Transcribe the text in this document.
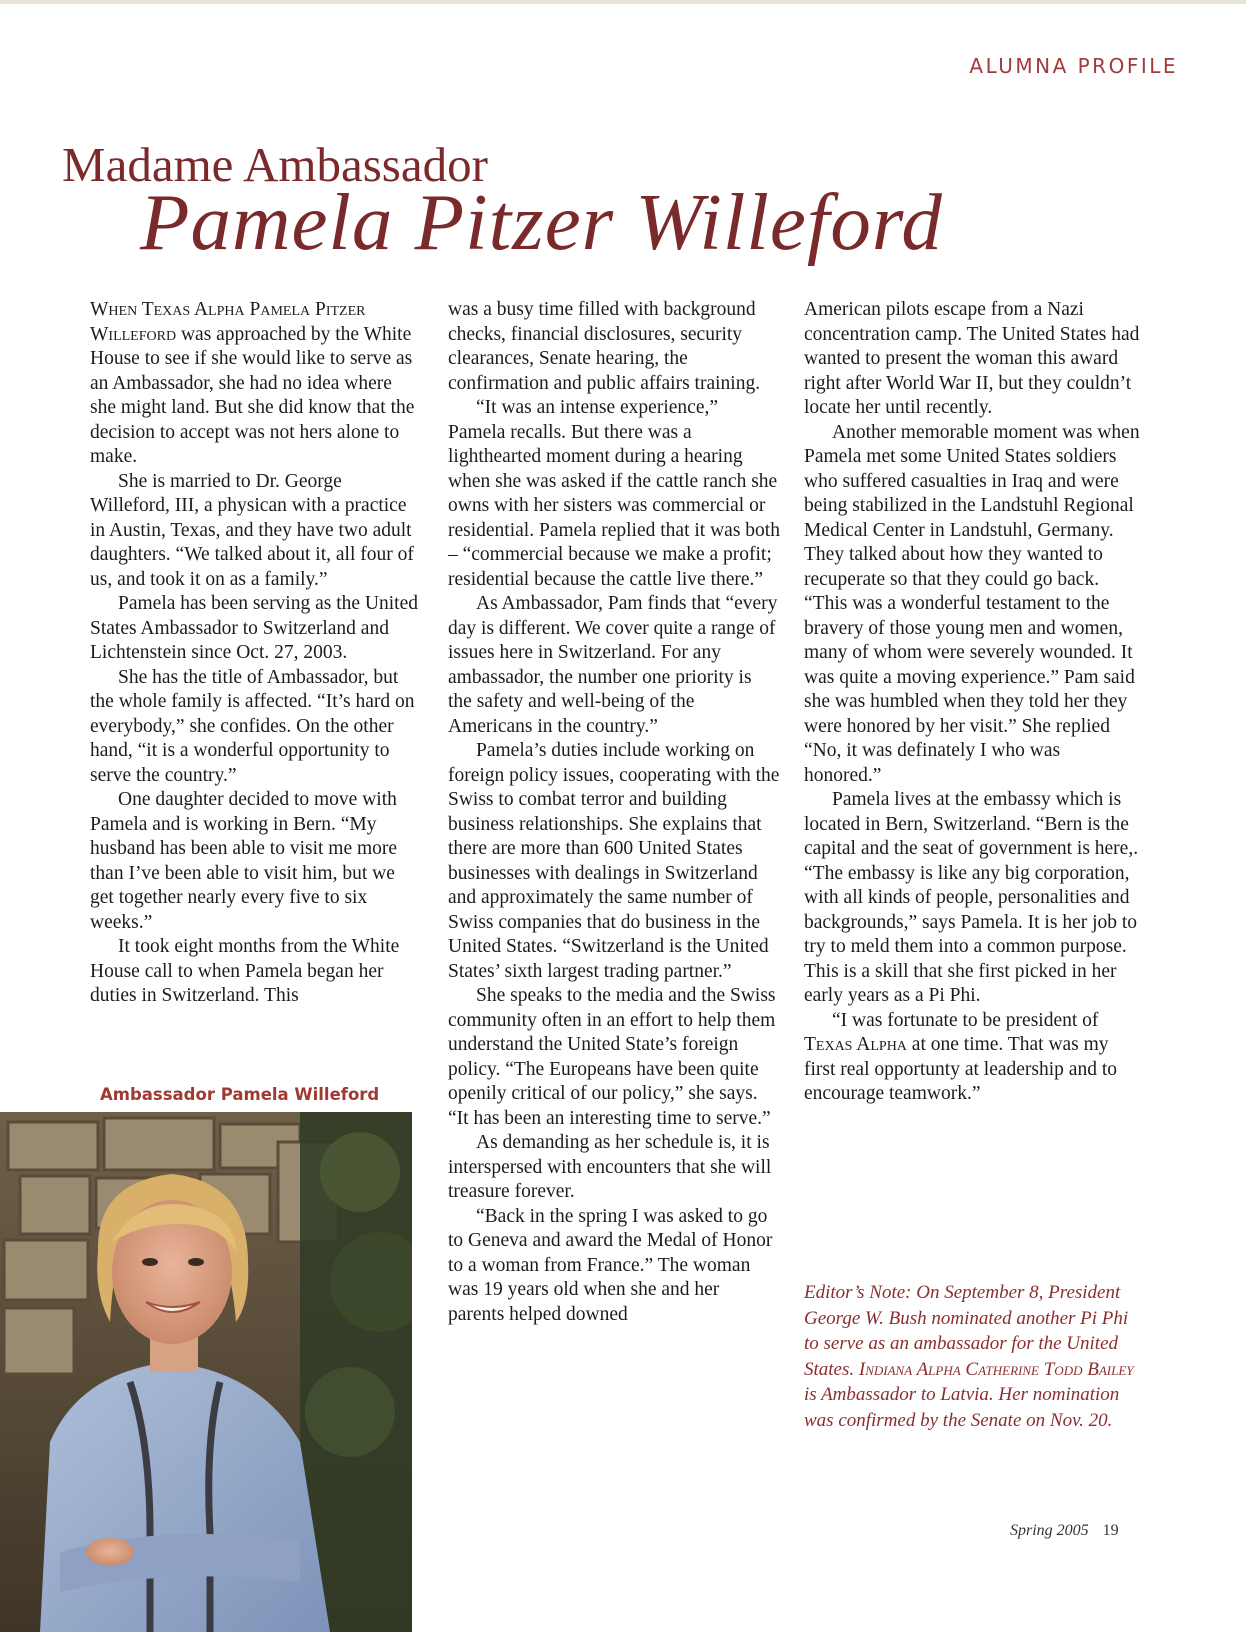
ALUMNA PROFILE
Madame Ambassador
Pamela Pitzer Willeford

When Texas Alpha Pamela Pitzer Willeford was approached by the White House to see if she would like to serve as an Ambassador, she had no idea where she might land. But she did know that the decision to accept was not hers alone to make.

She is married to Dr. George Willeford, III, a physican with a practice in Austin, Texas, and they have two adult daughters. “We talked about it, all four of us, and took it on as a family.”

Pamela has been serving as the United States Ambassador to Switzerland and Lichtenstein since Oct. 27, 2003.

She has the title of Ambassador, but the whole family is affected. “It’s hard on everybody,” she confides. On the other hand, “it is a wonderful opportunity to serve the country.”

One daughter decided to move with Pamela and is working in Bern. “My husband has been able to visit me more than I’ve been able to visit him, but we get together nearly every five to six weeks.”

It took eight months from the White House call to when Pamela began her duties in Switzerland. This

Ambassador Pamela Willeford

was a busy time filled with background checks, financial disclosures, security clearances, Senate hearing, the confirmation and public affairs training.

“It was an intense experience,” Pamela recalls. But there was a lighthearted moment during a hearing when she was asked if the cattle ranch she owns with her sisters was commercial or residential. Pamela replied that it was both – “commercial because we make a profit; residential because the cattle live there.”

As Ambassador, Pam finds that “every day is different. We cover quite a range of issues here in Switzerland. For any ambassador, the number one priority is the safety and well-being of the Americans in the country.”

Pamela’s duties include working on foreign policy issues, cooperating with the Swiss to combat terror and building business relationships. She explains that there are more than 600 United States businesses with dealings in Switzerland and approximately the same number of Swiss companies that do business in the United States. “Switzerland is the United States’ sixth largest trading partner.”

She speaks to the media and the Swiss community often in an effort to help them understand the United State’s foreign policy. “The Europeans have been quite openily critical of our policy,” she says. “It has been an interesting time to serve.”

As demanding as her schedule is, it is interspersed with encounters that she will treasure forever.

“Back in the spring I was asked to go to Geneva and award the Medal of Honor to a woman from France.” The woman was 19 years old when she and her parents helped downed

American pilots escape from a Nazi concentration camp. The United States had wanted to present the woman this award right after World War II, but they couldn’t locate her until recently.

Another memorable moment was when Pamela met some United States soldiers who suffered casualties in Iraq and were being stabilized in the Landstuhl Regional Medical Center in Landstuhl, Germany. They talked about how they wanted to recuperate so that they could go back. “This was a wonderful testament to the bravery of those young men and women, many of whom were severely wounded. It was quite a moving experience.” Pam said she was humbled when they told her they were honored by her visit.” She replied “No, it was definately I who was honored.”

Pamela lives at the embassy which is located in Bern, Switzerland. “Bern is the capital and the seat of government is here,. “The embassy is like any big corporation, with all kinds of people, personalities and backgrounds,” says Pamela. It is her job to try to meld them into a common purpose. This is a skill that she first picked in her early years as a Pi Phi.

“I was fortunate to be president of Texas Alpha at one time. That was my first real opportunty at leadership and to encourage teamwork.”

Editor’s Note: On September 8, President George W. Bush nominated another Pi Phi to serve as an ambassador for the United States. Indiana Alpha Catherine Todd Bailey is Ambassador to Latvia. Her nomination was confirmed by the Senate on Nov. 20.
Spring 2005 19
